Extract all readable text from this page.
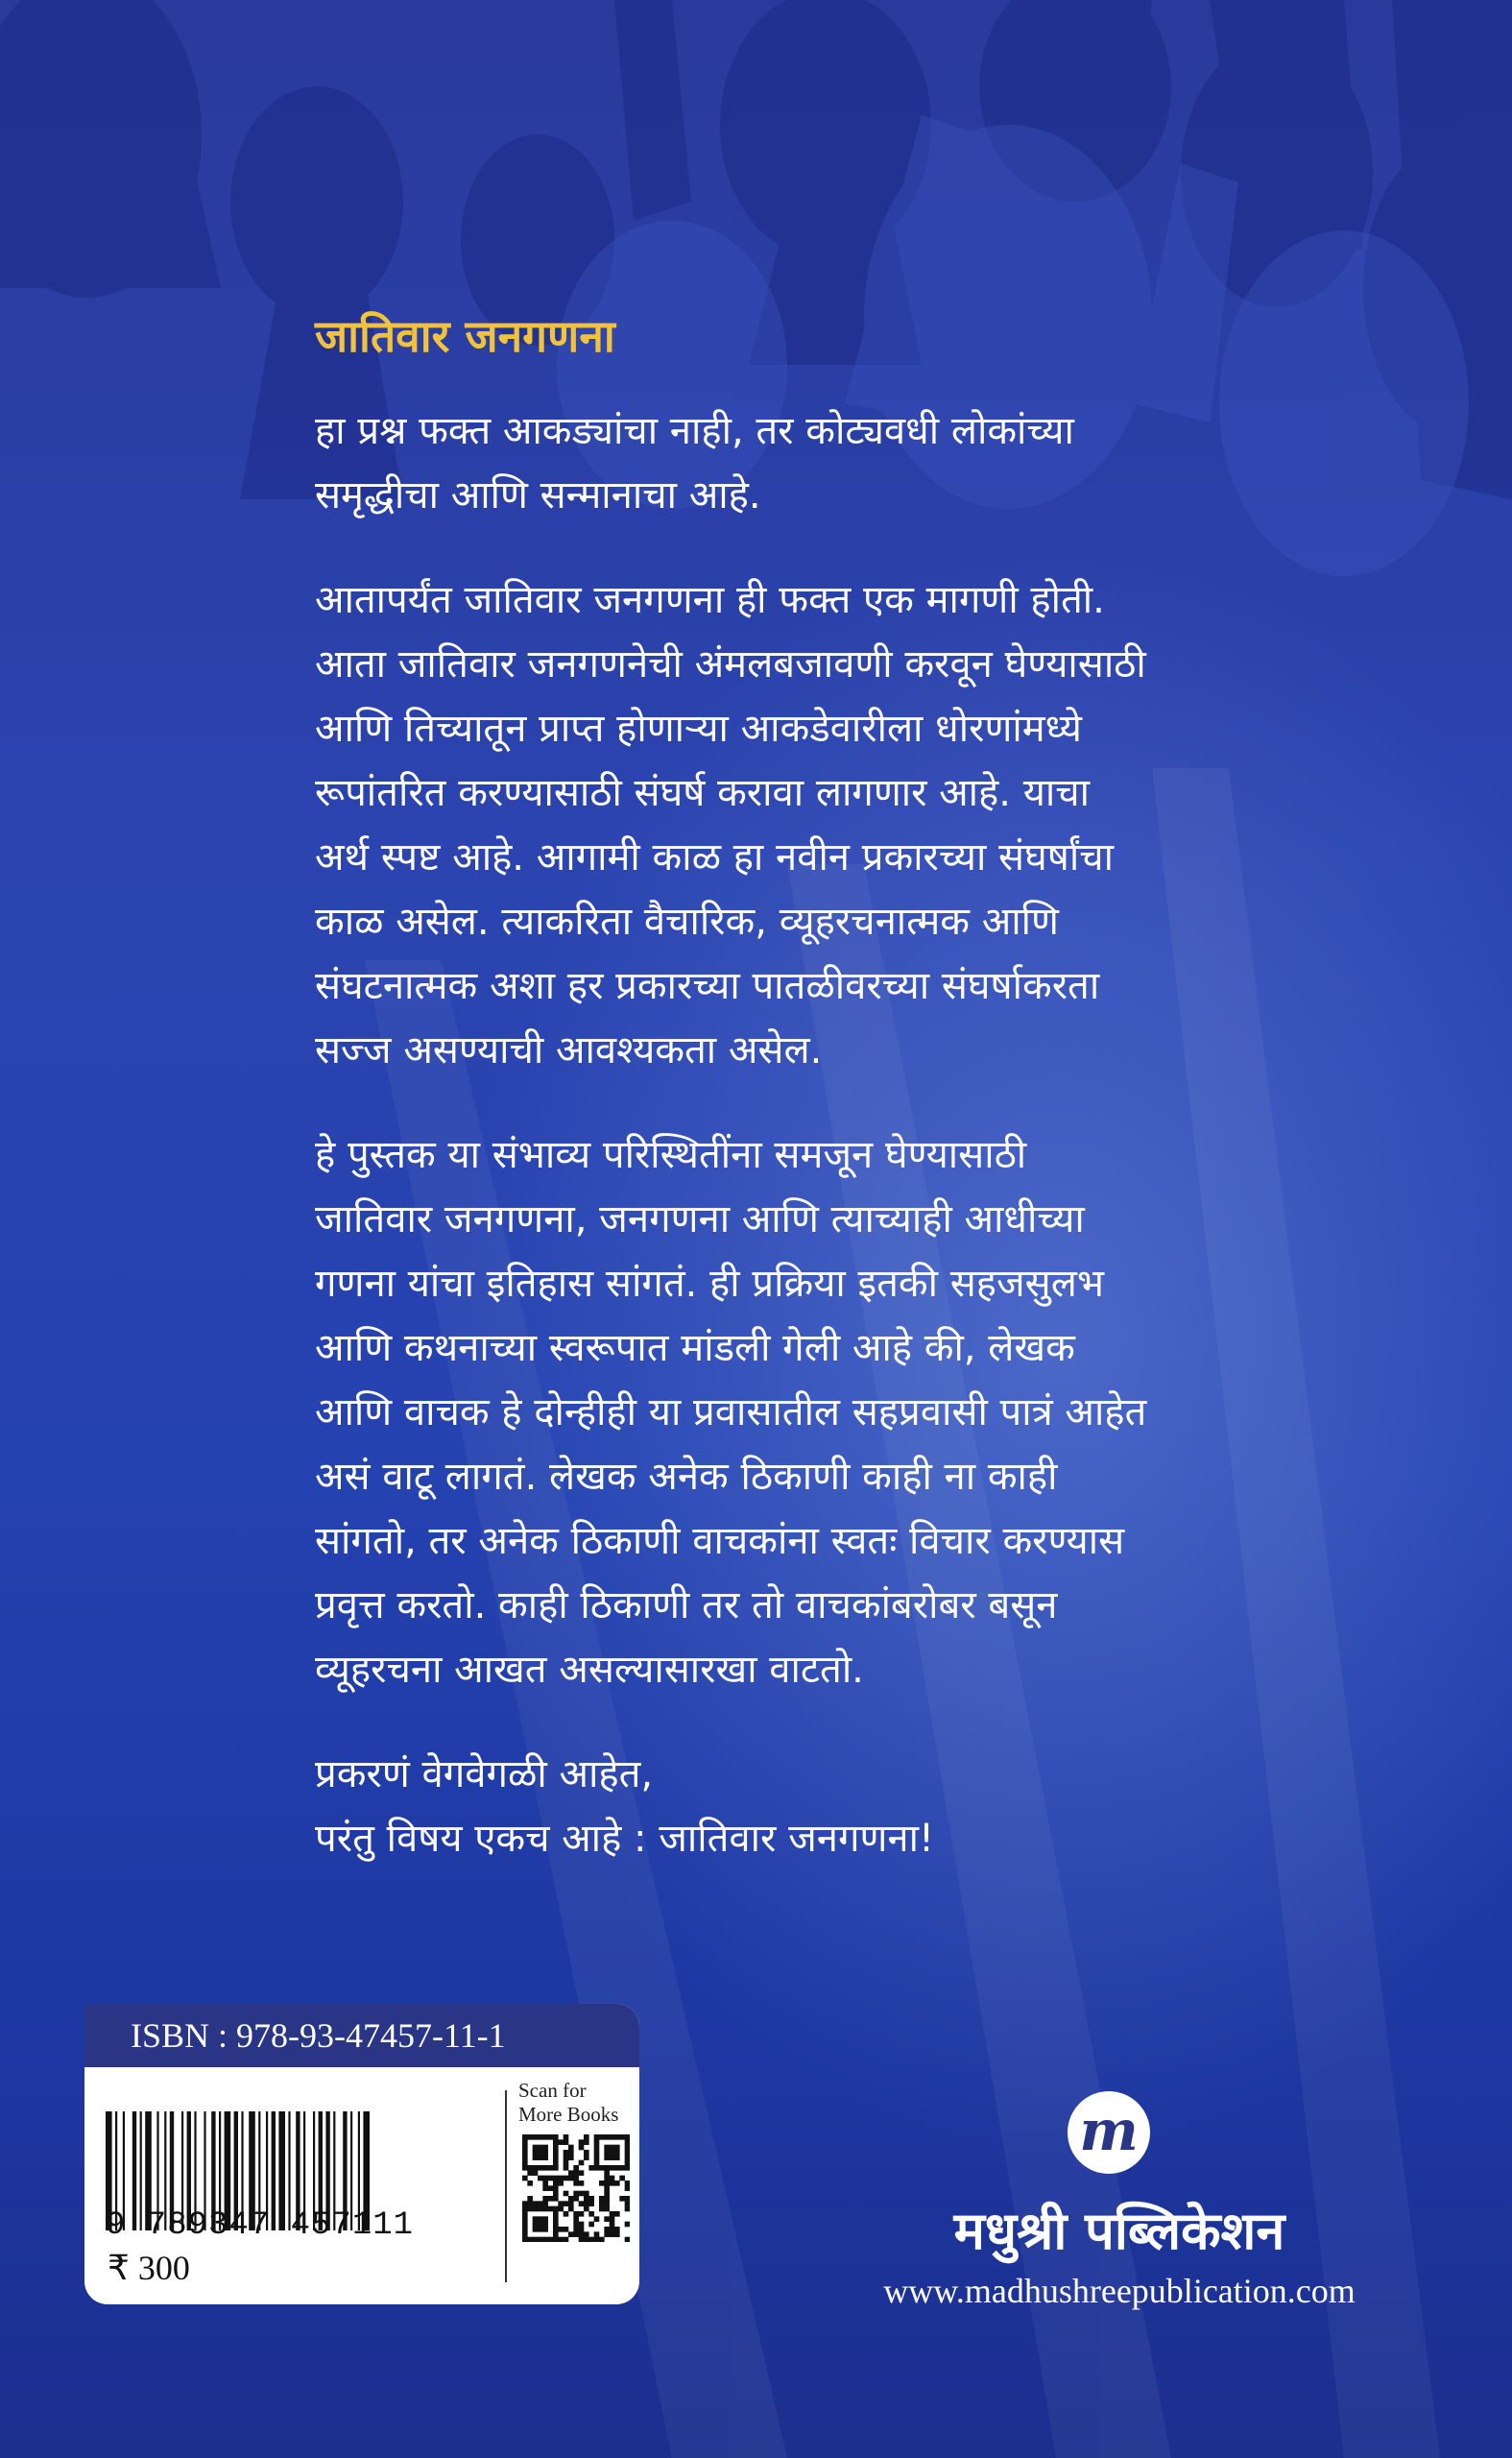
जातिवार जनगणना
हा प्रश्न फक्त आकड्यांचा नाही, तर कोट्यवधी लोकांच्या
समृद्धीचा आणि सन्मानाचा आहे.
आतापर्यंत जातिवार जनगणना ही फक्त एक मागणी होती.
आता जातिवार जनगणनेची अंमलबजावणी करवून घेण्यासाठी
आणि तिच्यातून प्राप्त होणाऱ्या आकडेवारीला धोरणांमध्ये
रूपांतरित करण्यासाठी संघर्ष करावा लागणार आहे. याचा
अर्थ स्पष्ट आहे. आगामी काळ हा नवीन प्रकारच्या संघर्षांचा
काळ असेल. त्याकरिता वैचारिक, व्यूहरचनात्मक आणि
संघटनात्मक अशा हर प्रकारच्या पातळीवरच्या संघर्षाकरता
सज्ज असण्याची आवश्यकता असेल.
हे पुस्तक या संभाव्य परिस्थितींना समजून घेण्यासाठी
जातिवार जनगणना, जनगणना आणि त्याच्याही आधीच्या
गणना यांचा इतिहास सांगतं. ही प्रक्रिया इतकी सहजसुलभ
आणि कथनाच्या स्वरूपात मांडली गेली आहे की, लेखक
आणि वाचक हे दोन्हीही या प्रवासातील सहप्रवासी पात्रं आहेत
असं वाटू लागतं. लेखक अनेक ठिकाणी काही ना काही
सांगतो, तर अनेक ठिकाणी वाचकांना स्वतः विचार करण्यास
प्रवृत्त करतो. काही ठिकाणी तर तो वाचकांबरोबर बसून
व्यूहरचना आखत असल्यासारखा वाटतो.
प्रकरणं वेगवेगळी आहेत,
परंतु विषय एकच आहे : जातिवार जनगणना!
ISBN : 978-93-47457-11-1
9 789347 457111
₹ 300
Scan for
More Books	m
मधुश्री पब्लिकेशन
www.madhushreepublication.com
